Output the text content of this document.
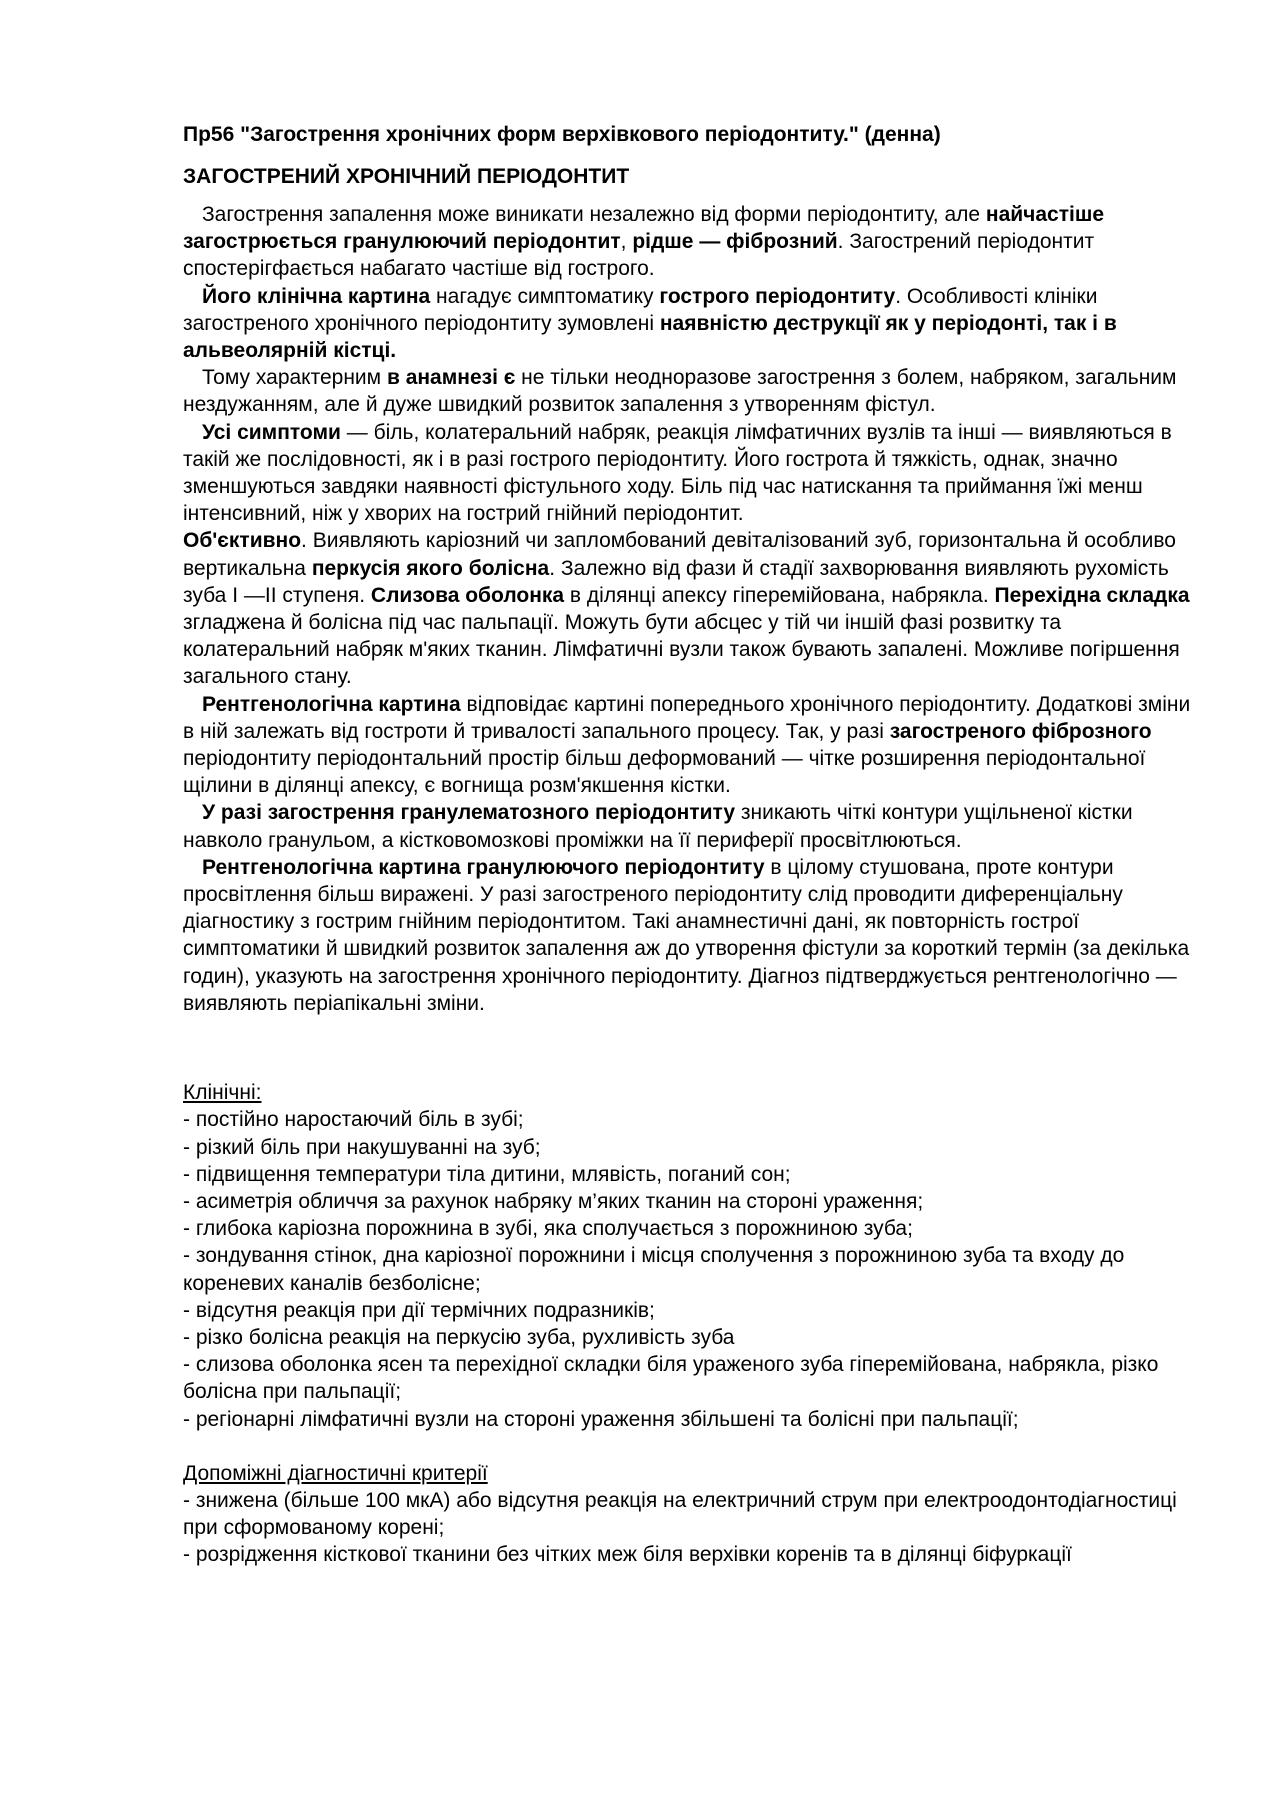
Пр56 "Загострення хронічних форм верхівкового періодонтиту." (денна)
ЗАГОСТРЕНИЙ ХРОНІЧНИЙ ПЕРІОДОНТИТ

Загострення запалення може виникати незалежно від форми періодонтиту, але найчастіше загострюється гранулюючий періодонтит, рідше — фіброзний. Загострений періодонтит спостерігфається набагато частіше від гострого.

Його клінічна картина нагадує симптоматику гострого періодонтиту. Особливості клініки загостреного хронічного періодонтиту зумовлені наявністю деструкції як у періодонті, так і в альвеолярній кістці.

Тому характерним в анамнезі є не тільки неодноразове загострення з болем, набряком, загальним нездужанням, але й дуже швидкий розвиток запалення з утворенням фістул.

Усі симптоми — біль, колатеральний набряк, реакція лімфатичних вузлів та інші — виявляються в такій же послідовності, як і в разі гострого періодонтиту. Його гострота й тяжкість, однак, значно зменшуються завдяки наявності фістульного ходу. Біль під час натискання та приймання їжі менш інтенсивний, ніж у хворих на гострий гнійний періодонтит.

Об'єктивно. Виявляють каріозний чи запломбований девіталізований зуб, горизонтальна й особливо вертикальна перкусія якого болісна. Залежно від фази й стадії захворювання виявляють рухомість зуба І —II ступеня. Слизова оболонка в ділянці апексу гіперемійована, набрякла. Перехідна складка згладжена й болісна під час пальпації. Можуть бути абсцес у тій чи іншій фазі розвитку та колатеральний набряк м'яких тканин. Лімфатичні вузли також бувають запалені. Можливе погіршення загального стану.

Рентгенологічна картина відповідає картині попереднього хронічного періодонтиту. Додаткові зміни в ній залежать від гостроти й тривалості запального процесу. Так, у разі загостреного фіброзного періодонтиту періодонтальний простір більш деформований — чітке розширення періодонтальної щілини в ділянці апексу, є вогнища розм'якшення кістки.

У разі загострення гранулематозного періодонтиту зникають чіткі контури ущільненої кістки навколо гранульом, а кістковомозкові проміжки на її периферії просвітлюються.

Рентгенологічна картина гранулюючого періодонтиту в цілому стушована, проте контури просвітлення більш виражені. У разі загостреного періодонтиту слід проводити диференціальну діагностику з гострим гнійним періодонтитом. Такі анамнестичні дані, як повторність гострої симптоматики й швидкий розвиток запалення аж до утворення фістули за короткий термін (за декілька годин), указують на загострення хронічного періодонтиту. Діагноз підтверджується рентгенологічно — виявляють періапікальні зміни.

Клінічні:

- постійно наростаючий біль в зубі;

- різкий біль при накушуванні на зуб;

- підвищення температури тіла дитини, млявість, поганий сон;

- асиметрія обличчя за рахунок набряку м’яких тканин на стороні ураження;

- глибока каріозна порожнина в зубі, яка сполучається з порожниною зуба;

- зондування стінок, дна каріозної порожнини і місця сполучення з порожниною зуба та входу до кореневих каналів безболісне;

- відсутня реакція при дії термічних подразників;

- різко болісна реакція на перкусію зуба, рухливість зуба

- слизова оболонка ясен та перехідної складки біля ураженого зуба гіперемійована, набрякла, різко болісна при пальпації;

- регіонарні лімфатичні вузли на стороні ураження збільшені та болісні при пальпації;

Допоміжні діагностичні критерії

- знижена (більше 100 мкА) або відсутня реакція на електричний струм при електроодонтодіагностиці при сформованому корені;

- розрідження кісткової тканини без чітких меж біля верхівки коренів та в ділянці біфуркації
